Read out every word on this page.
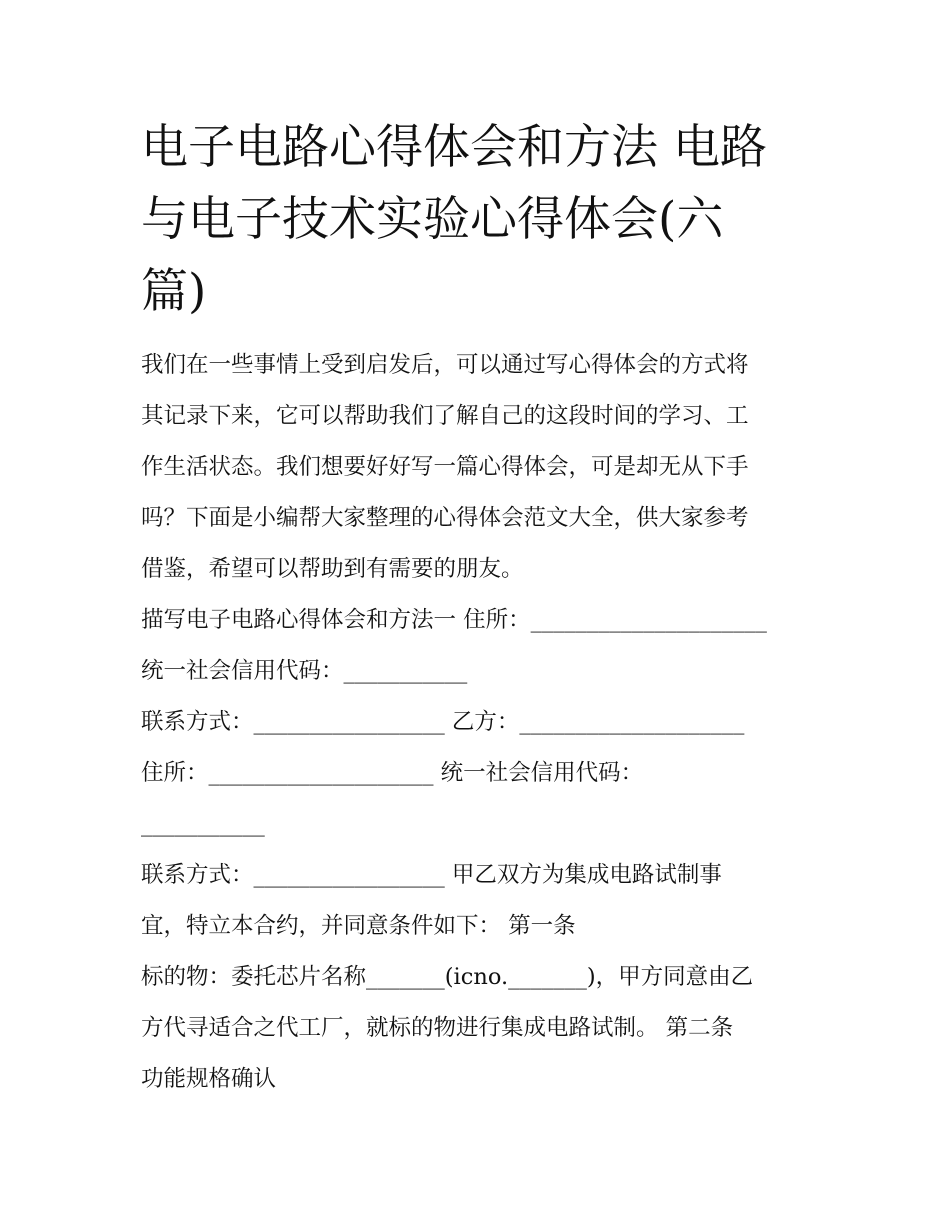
电子电路心得体会和方法 电路
与电子技术实验心得体会(六
篇)
我们在一些事情上受到启发后，可以通过写心得体会的方式将
其记录下来，它可以帮助我们了解自己的这段时间的学习、工
作生活状态。我们想要好好写一篇心得体会，可是却无从下手
吗？下面是小编帮大家整理的心得体会范文大全，供大家参考
借鉴，希望可以帮助到有需要的朋友。
描写电子电路心得体会和方法一 住所：_____________________
统一社会信用代码：___________
联系方式：_________________ 乙方：____________________
住所：____________________ 统一社会信用代码：
___________
联系方式：_________________ 甲乙双方为集成电路试制事
宜，特立本合约，并同意条件如下： 第一条
标的物：委托芯片名称_______(icno._______)，甲方同意由乙
方代寻适合之代工厂，就标的物进行集成电路试制。 第二条
功能规格确认
